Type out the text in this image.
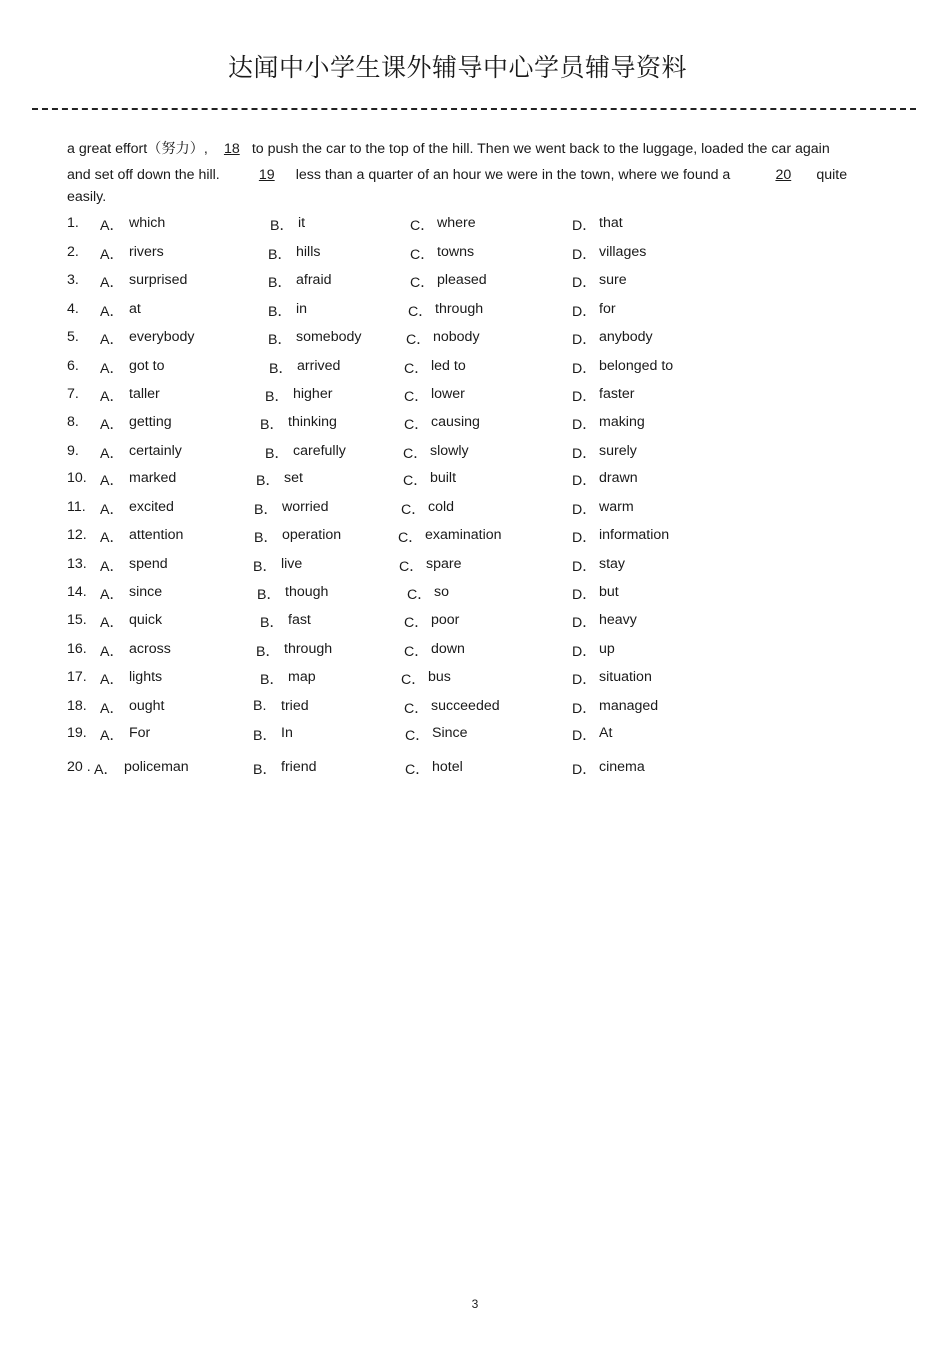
达闻中小学生课外辅导中心学员辅导资料
a great effort（努力）, 18 to push the car to the top of the hill. Then we went back to the luggage, loaded the car again
and set off down the hill.	19 less than a quarter of an hour we were in the town, where we found a	20 quite
easily.
1. A． which	B． it	C． where	D． that
2. A． rivers	B． hills	C． towns	D． villages
3. A． surprised	B． afraid	C． pleased	D． sure
4. A． at	B． in	C． through	D． for
5. A． everybody	B． somebody	C． nobody	D． anybody
6. A． got to	B． arrived	C． led to	D． belonged to
7. A． taller	B． higher	C． lower	D． faster
8. A． getting	B． thinking	C． causing	D． making
9. A． certainly	B． carefully	C． slowly	D． surely
10. A． marked	B． set	C． built	D． drawn
11. A． excited	B． worried	C． cold	D． warm
12. A． attention	B． operation	C． examination	D． information
13. A． spend	B． live	C． spare	D． stay
14. A． since	B． though	C． so	D． but
15. A． quick	B． fast	C． poor	D． heavy
16. A． across	B． through	C． down	D． up
17. A． lights	B． map	C． bus	D． situation
18. A． ought	B. tried	C． succeeded	D． managed
19. A． For	B． In	C． Since	D． At
20 . A． policeman	B． friend	C． hotel	D． cinema
3
